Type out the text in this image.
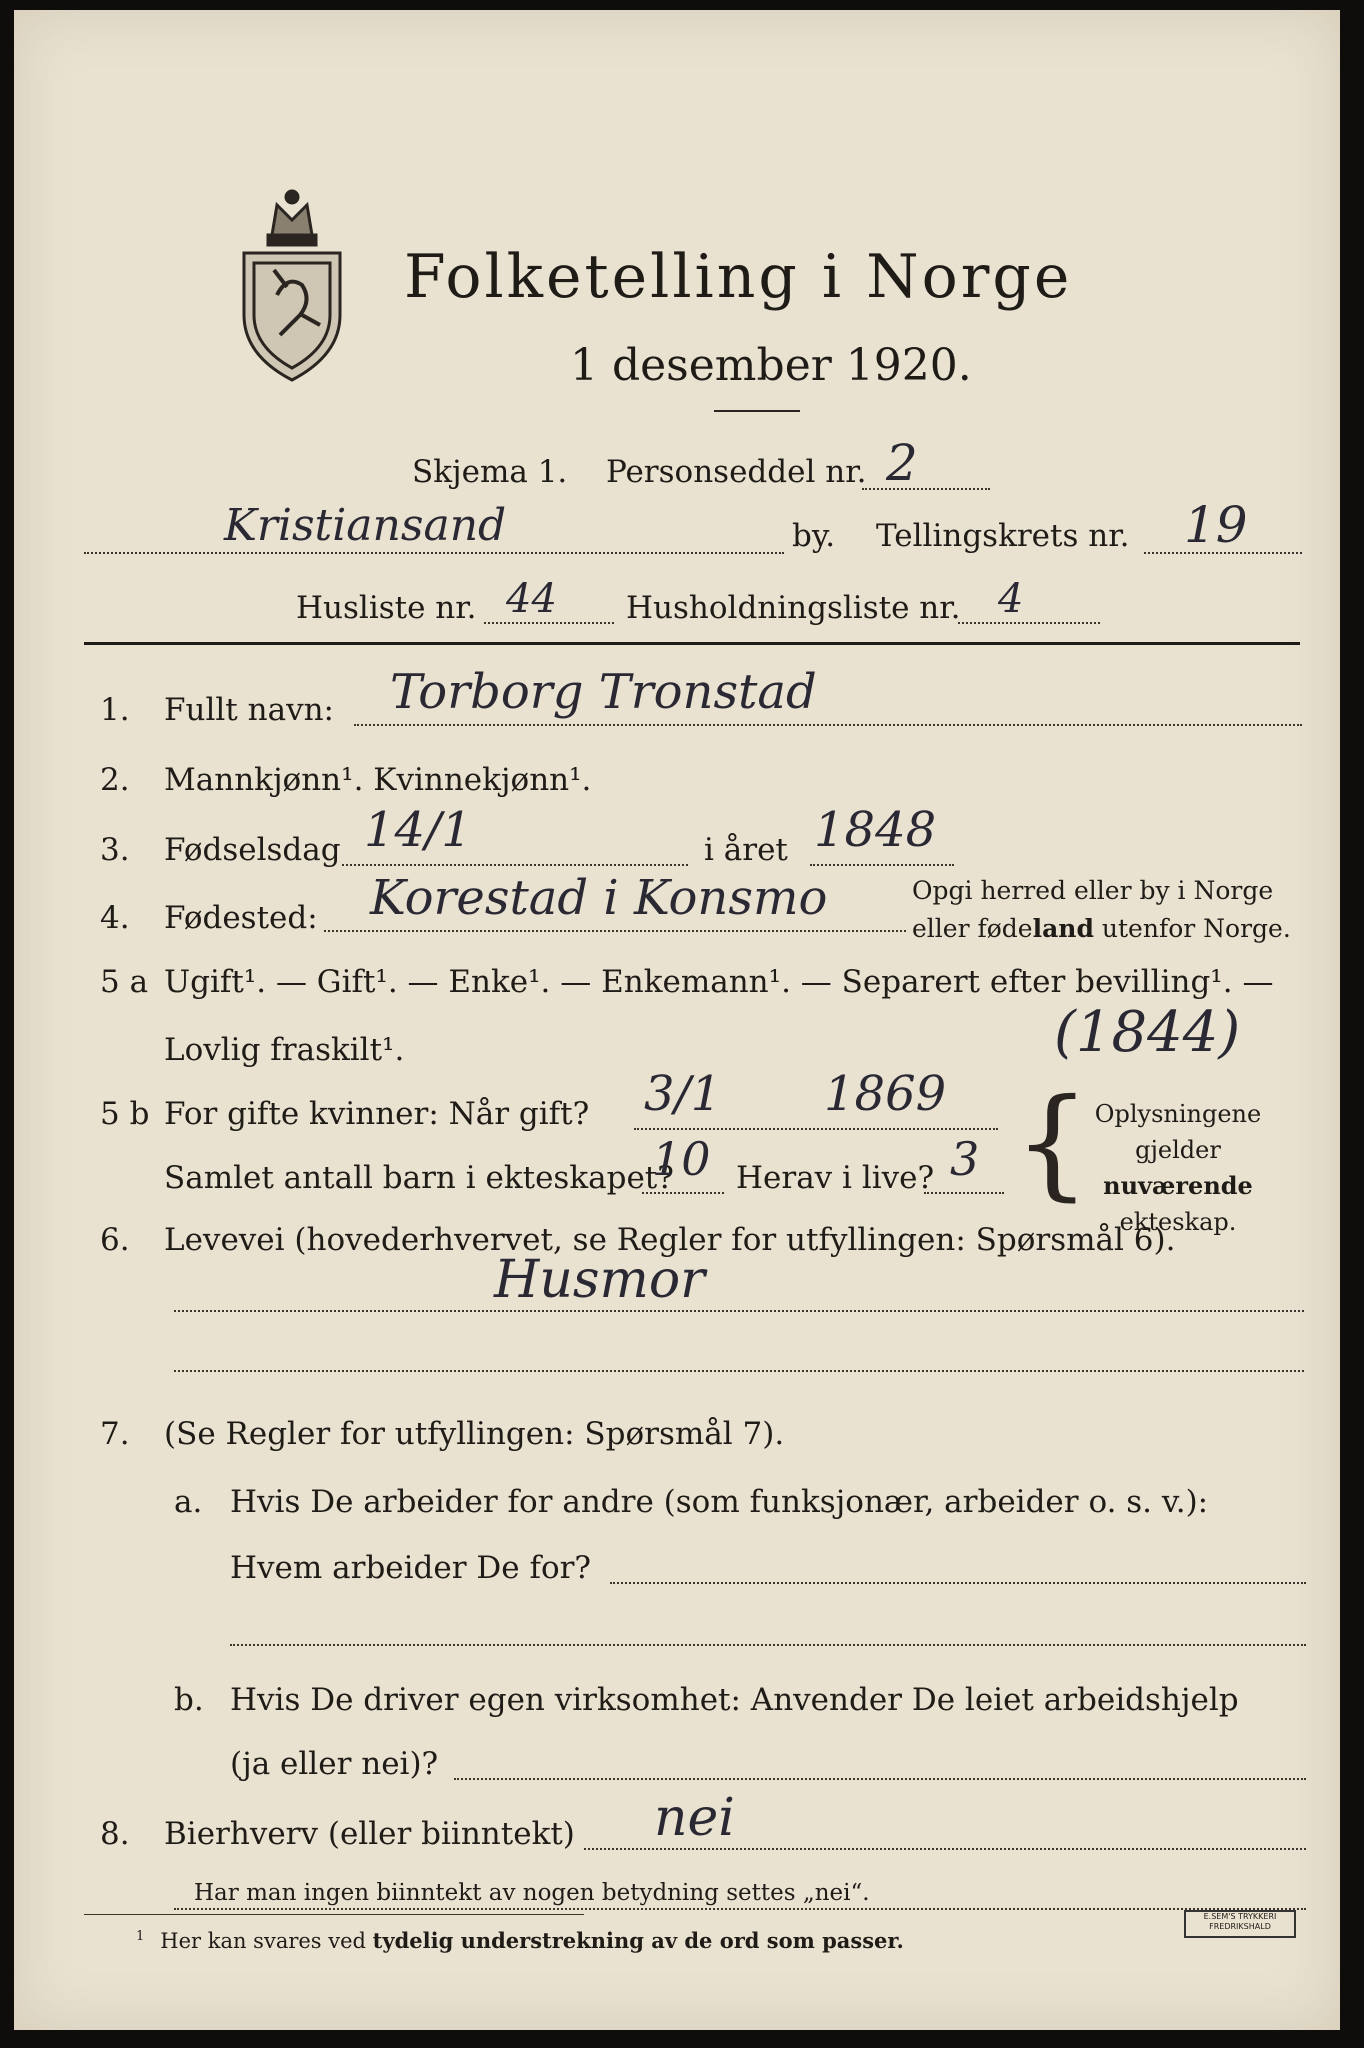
Folketelling i Norge
1 desember 1920.
Skjema 1. Personseddel nr. 2
Kristiansand	by. Tellingskrets nr. 19
Husliste nr. 44 Husholdningsliste nr. 4
1. Fullt navn: Torborg Tronstad
2. Mannkjønn¹. Kvinnekjønn¹.
3. Fødselsdag 14/1	i året 1848
4. Fødested: Korestad i Konsmo	Opgi herred eller by i Norge
eller fødeland utenfor Norge.
5 a Ugift¹. — Gift¹. — Enke¹. — Enkemann¹. — Separert efter bevilling¹. —
Lovlig fraskilt¹.	(1844)
5 b For gifte kvinner: Når gift? 3/1 1869
Samlet antall barn i ekteskapet?
10 Herav i live? 3 { Oplysningene
gjelder nuværende
ekteskap.
6. Levevei (hovederhvervet, se Regler for utfyllingen: Spørsmål 6).
Husmor
7. (Se Regler for utfyllingen: Spørsmål 7).
a. Hvis De arbeider for andre (som funksjonær, arbeider o. s. v.):
Hvem arbeider De for?
b. Hvis De driver egen virksomhet: Anvender De leiet arbeidshjelp
(ja eller nei)?
8. Bierhverv (eller biinntekt) nei
Har man ingen biinntekt av nogen betydning settes „nei“.
$^1$ Her kan svares ved tydelig understrekning av de ord som passer.
E.SEM'S TRYKKERI FREDRIKSHALD
